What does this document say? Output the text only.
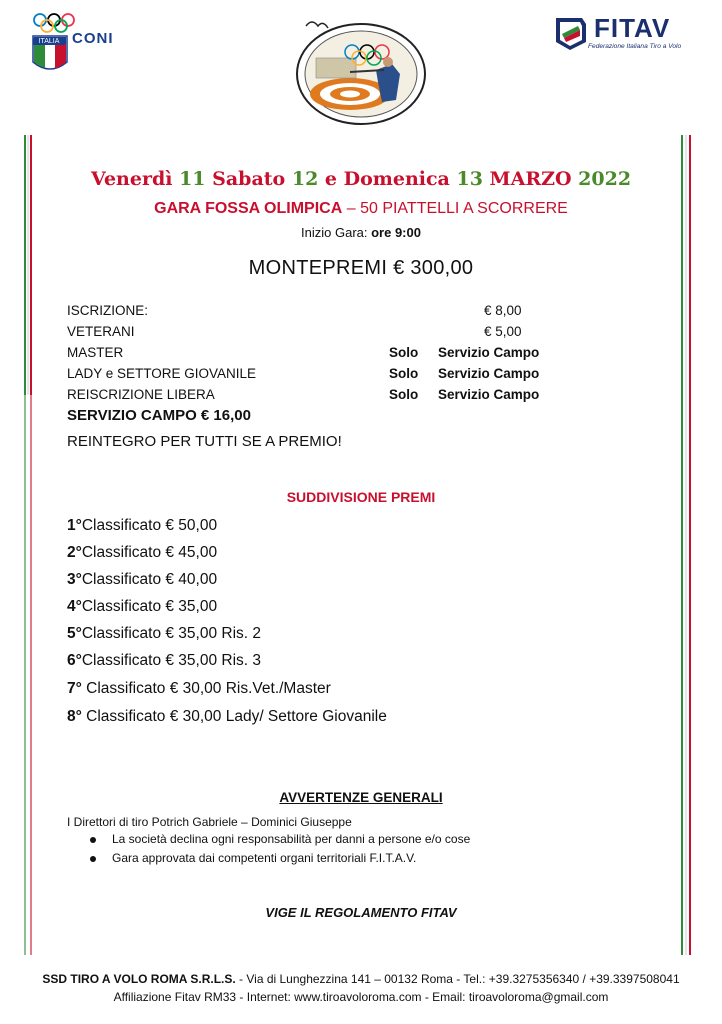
ITALIA CONI	FITAV
Federazione Italiana Tiro a Volo
Venerdì 11 Sabato 12 e Domenica 13 MARZO 2022
GARA FOSSA OLIMPICA – 50 PIATTELLI A SCORRERE
Inizio Gara: ore 9:00
MONTEPREMI € 300,00
ISCRIZIONE:	€ 8,00
VETERANI	€ 5,00
MASTER	Solo Servizio Campo
LADY e SETTORE GIOVANILE	Solo Servizio Campo
REISCRIZIONE LIBERA	Solo Servizio Campo
SERVIZIO CAMPO € 16,00
REINTEGRO PER TUTTI SE A PREMIO!
SUDDIVISIONE PREMI
1°Classificato € 50,00
2°Classificato € 45,00
3°Classificato € 40,00
4°Classificato € 35,00
5°Classificato € 35,00 Ris. 2
6°Classificato € 35,00 Ris. 3
7° Classificato € 30,00 Ris.Vet./Master
8° Classificato € 30,00 Lady/ Settore Giovanile
AVVERTENZE GENERALI
I Direttori di tiro Potrich Gabriele – Dominici Giuseppe
La società declina ogni responsabilità per danni a persone e/o cose
Gara approvata dai competenti organi territoriali F.I.T.A.V.
VIGE IL REGOLAMENTO FITAV
SSD TIRO A VOLO ROMA S.R.L.S. - Via di Lunghezzina 141 – 00132 Roma - Tel.: +39.3275356340 / +39.3397508041
Affiliazione Fitav RM33 - Internet: www.tiroavoloroma.com - Email: tiroavoloroma@gmail.com
